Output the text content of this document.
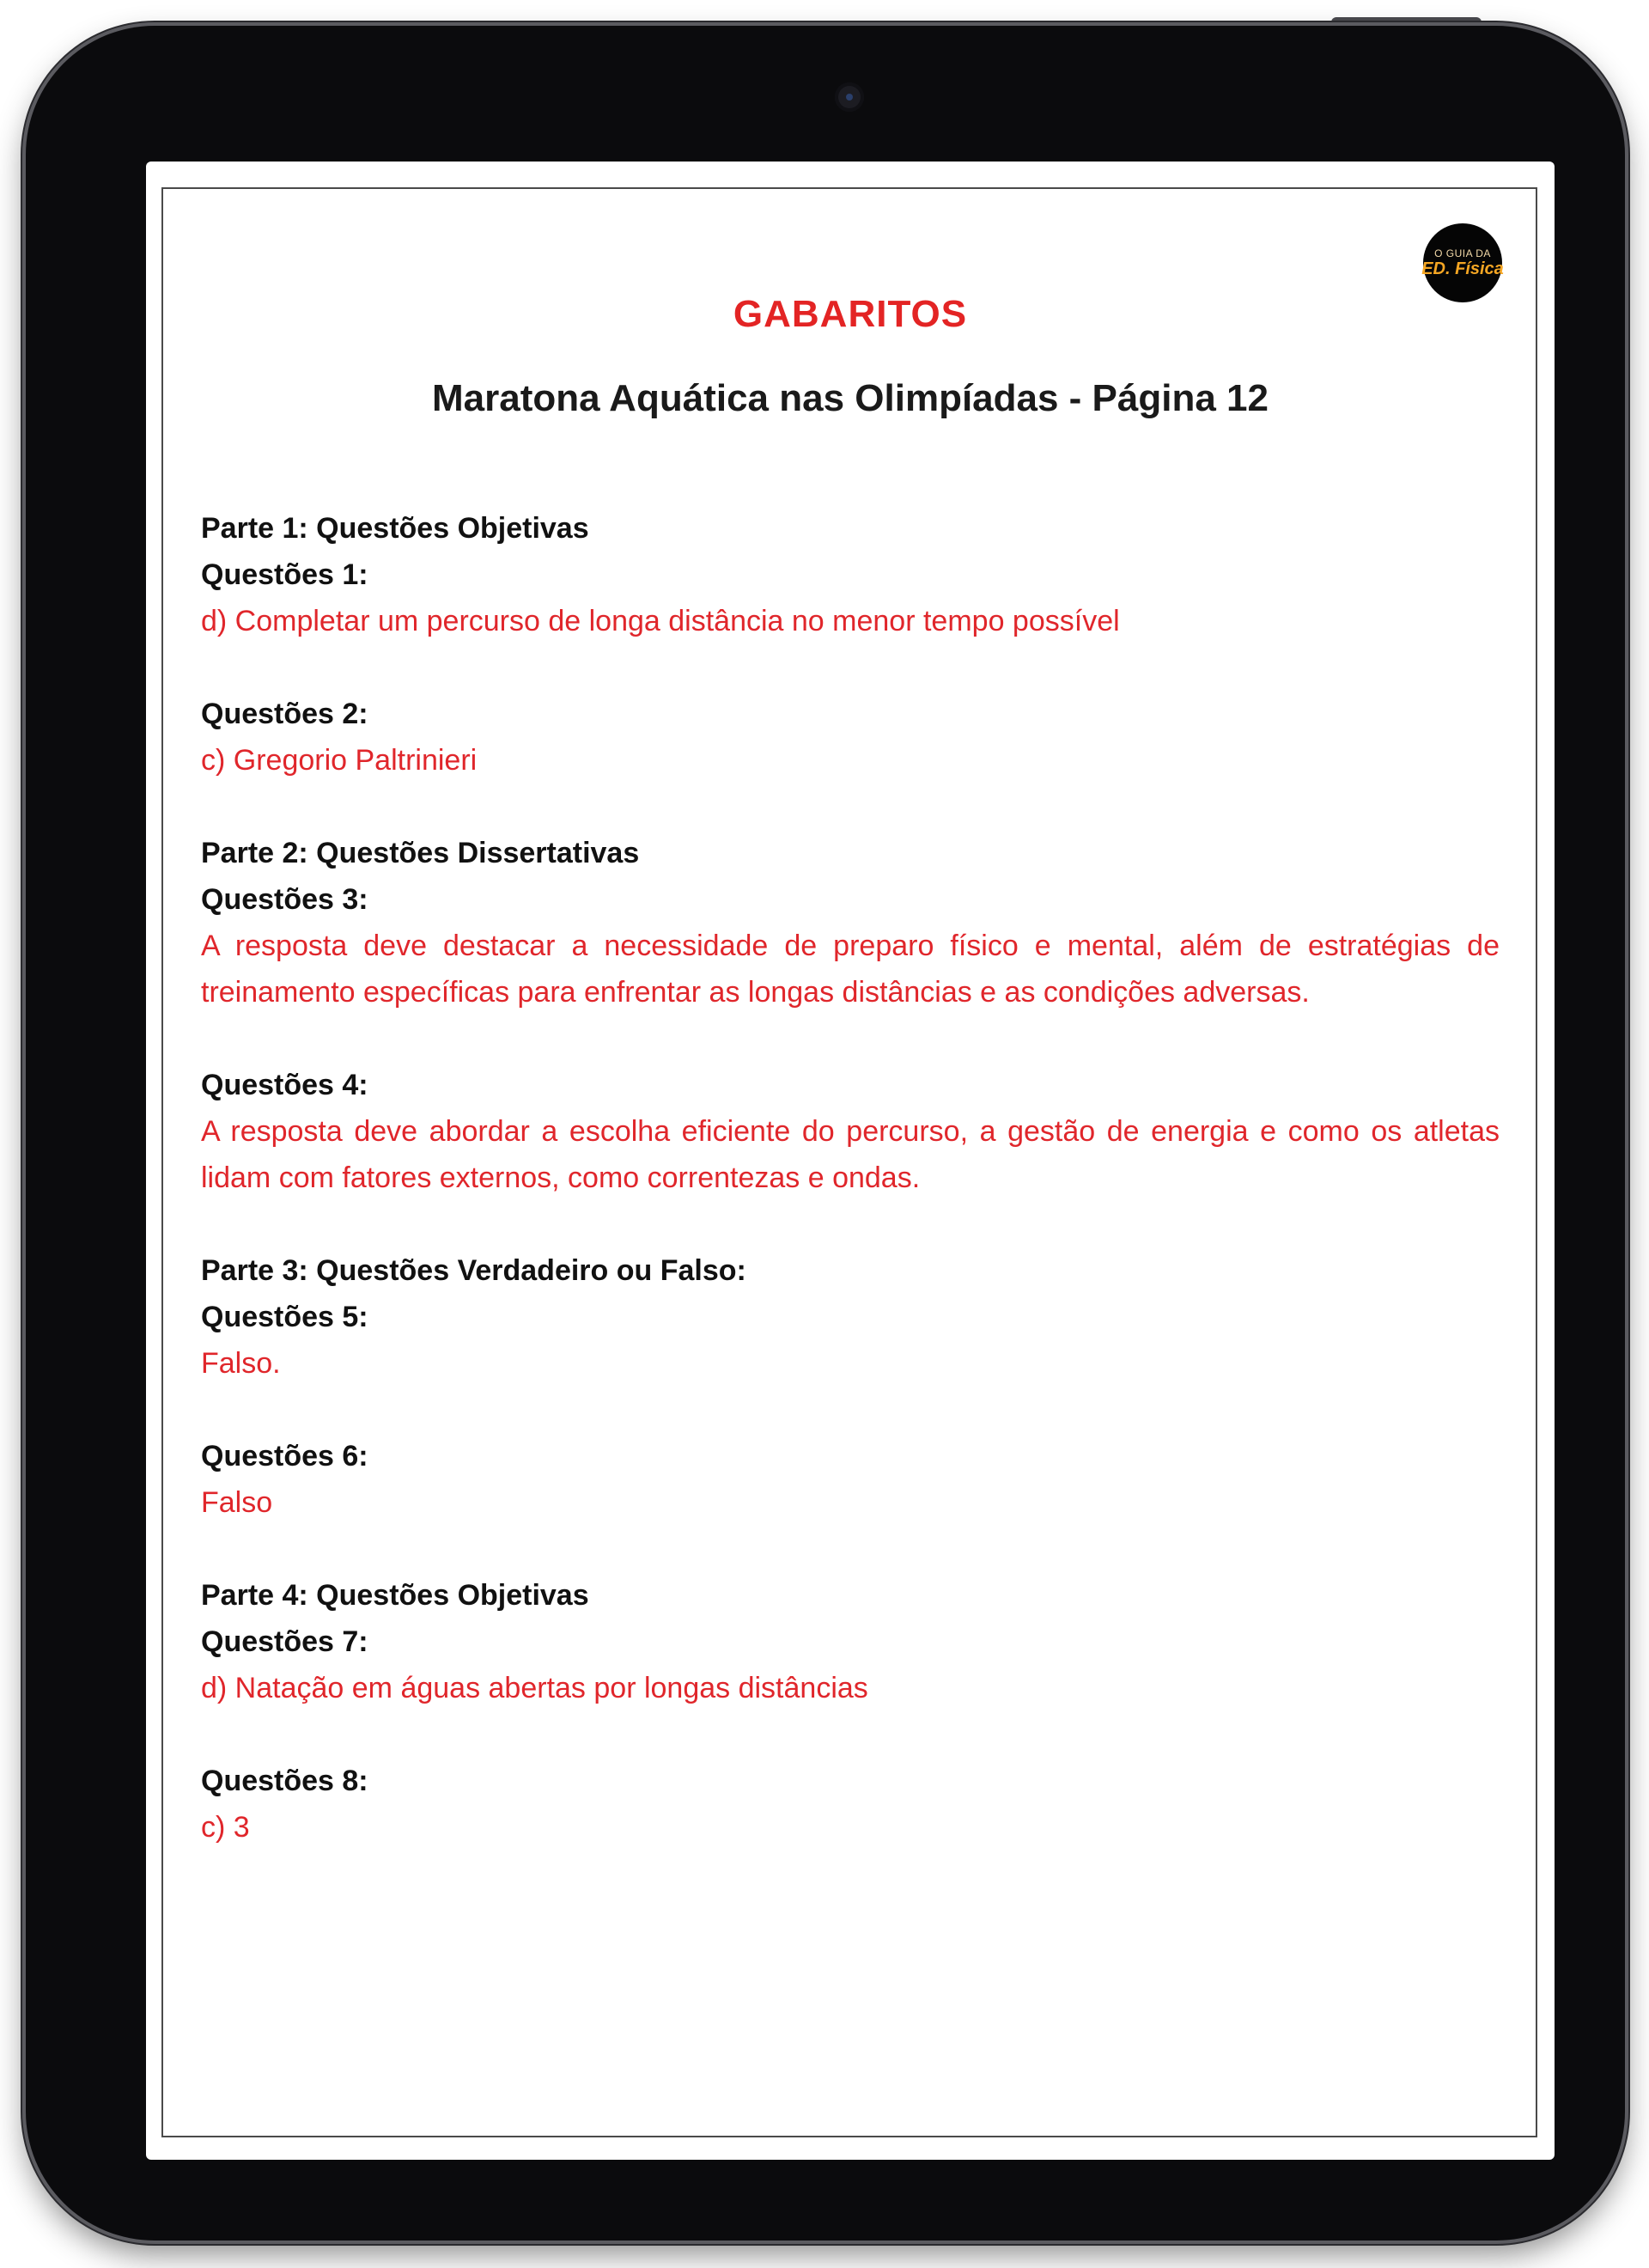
O GUIA DA
ED. Física
GABARITOS
Maratona Aquática nas Olimpíadas - Página 12
Parte 1: Questões Objetivas
Questões 1:
d) Completar um percurso de longa distância no menor tempo possível
Questões 2:
c) Gregorio Paltrinieri
Parte 2: Questões Dissertativas
Questões 3:
A resposta deve destacar a necessidade de preparo físico e mental, além de estratégias de treinamento específicas para enfrentar as longas distâncias e as condições adversas.
Questões 4:
A resposta deve abordar a escolha eficiente do percurso, a gestão de energia e como os atletas lidam com fatores externos, como correntezas e ondas.
Parte 3: Questões Verdadeiro ou Falso:
Questões 5:
Falso.
Questões 6:
Falso
Parte 4: Questões Objetivas
Questões 7:
d) Natação em águas abertas por longas distâncias
Questões 8:
c) 3
